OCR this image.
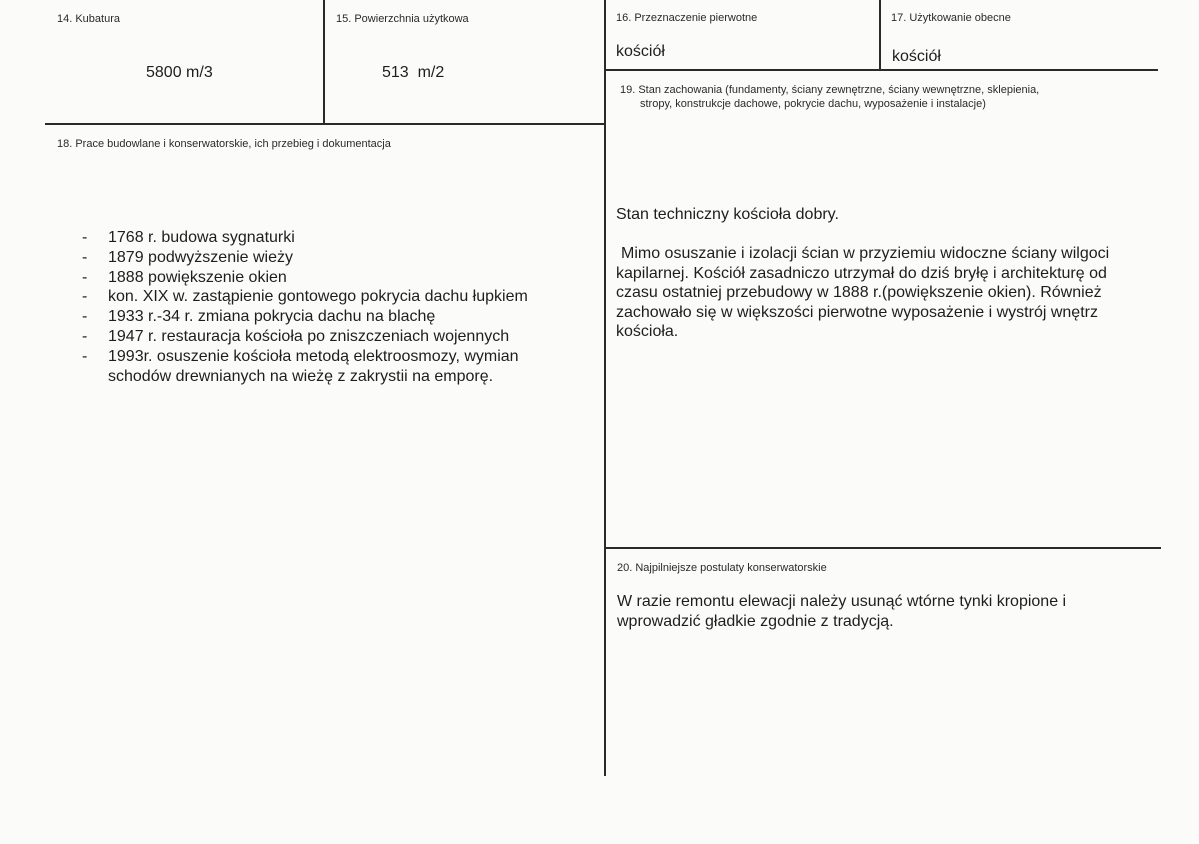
14. Kubatura
5800 m/3
15. Powierzchnia użytkowa
513  m/2
16. Przeznaczenie pierwotne
kościół
17. Użytkowanie obecne
kościół
19. Stan zachowania (fundamenty, ściany zewnętrzne, ściany wewnętrzne, sklepienia,
stropy, konstrukcje dachowe, pokrycie dachu, wyposażenie i instalacje)
Stan techniczny kościoła dobry.
Mimo osuszanie i izolacji ścian w przyziemiu widoczne ściany wilgoci kapilarnej. Kościół zasadniczo utrzymał do dziś bryłę i architekturę od czasu ostatniej przebudowy w 1888 r.(powiększenie okien). Również zachowało się w większości pierwotne wyposażenie i wystrój wnętrz kościoła.
18. Prace budowlane i konserwatorskie, ich przebieg i dokumentacja
- 1768 r. budowa sygnaturki
- 1879 podwyższenie wieży
- 1888 powiększenie okien
- kon. XIX w. zastąpienie gontowego pokrycia dachu łupkiem
- 1933 r.-34 r. zmiana pokrycia dachu na blachę
- 1947 r. restauracja kościoła po zniszczeniach wojennych
- 1993r. osuszenie kościoła metodą elektroosmozy, wymian schodów drewnianych na wieżę z zakrystii na emporę.
20. Najpilniejsze postulaty konserwatorskie
W razie remontu elewacji należy usunąć wtórne tynki kropione i wprowadzić gładkie zgodnie z tradycją.
